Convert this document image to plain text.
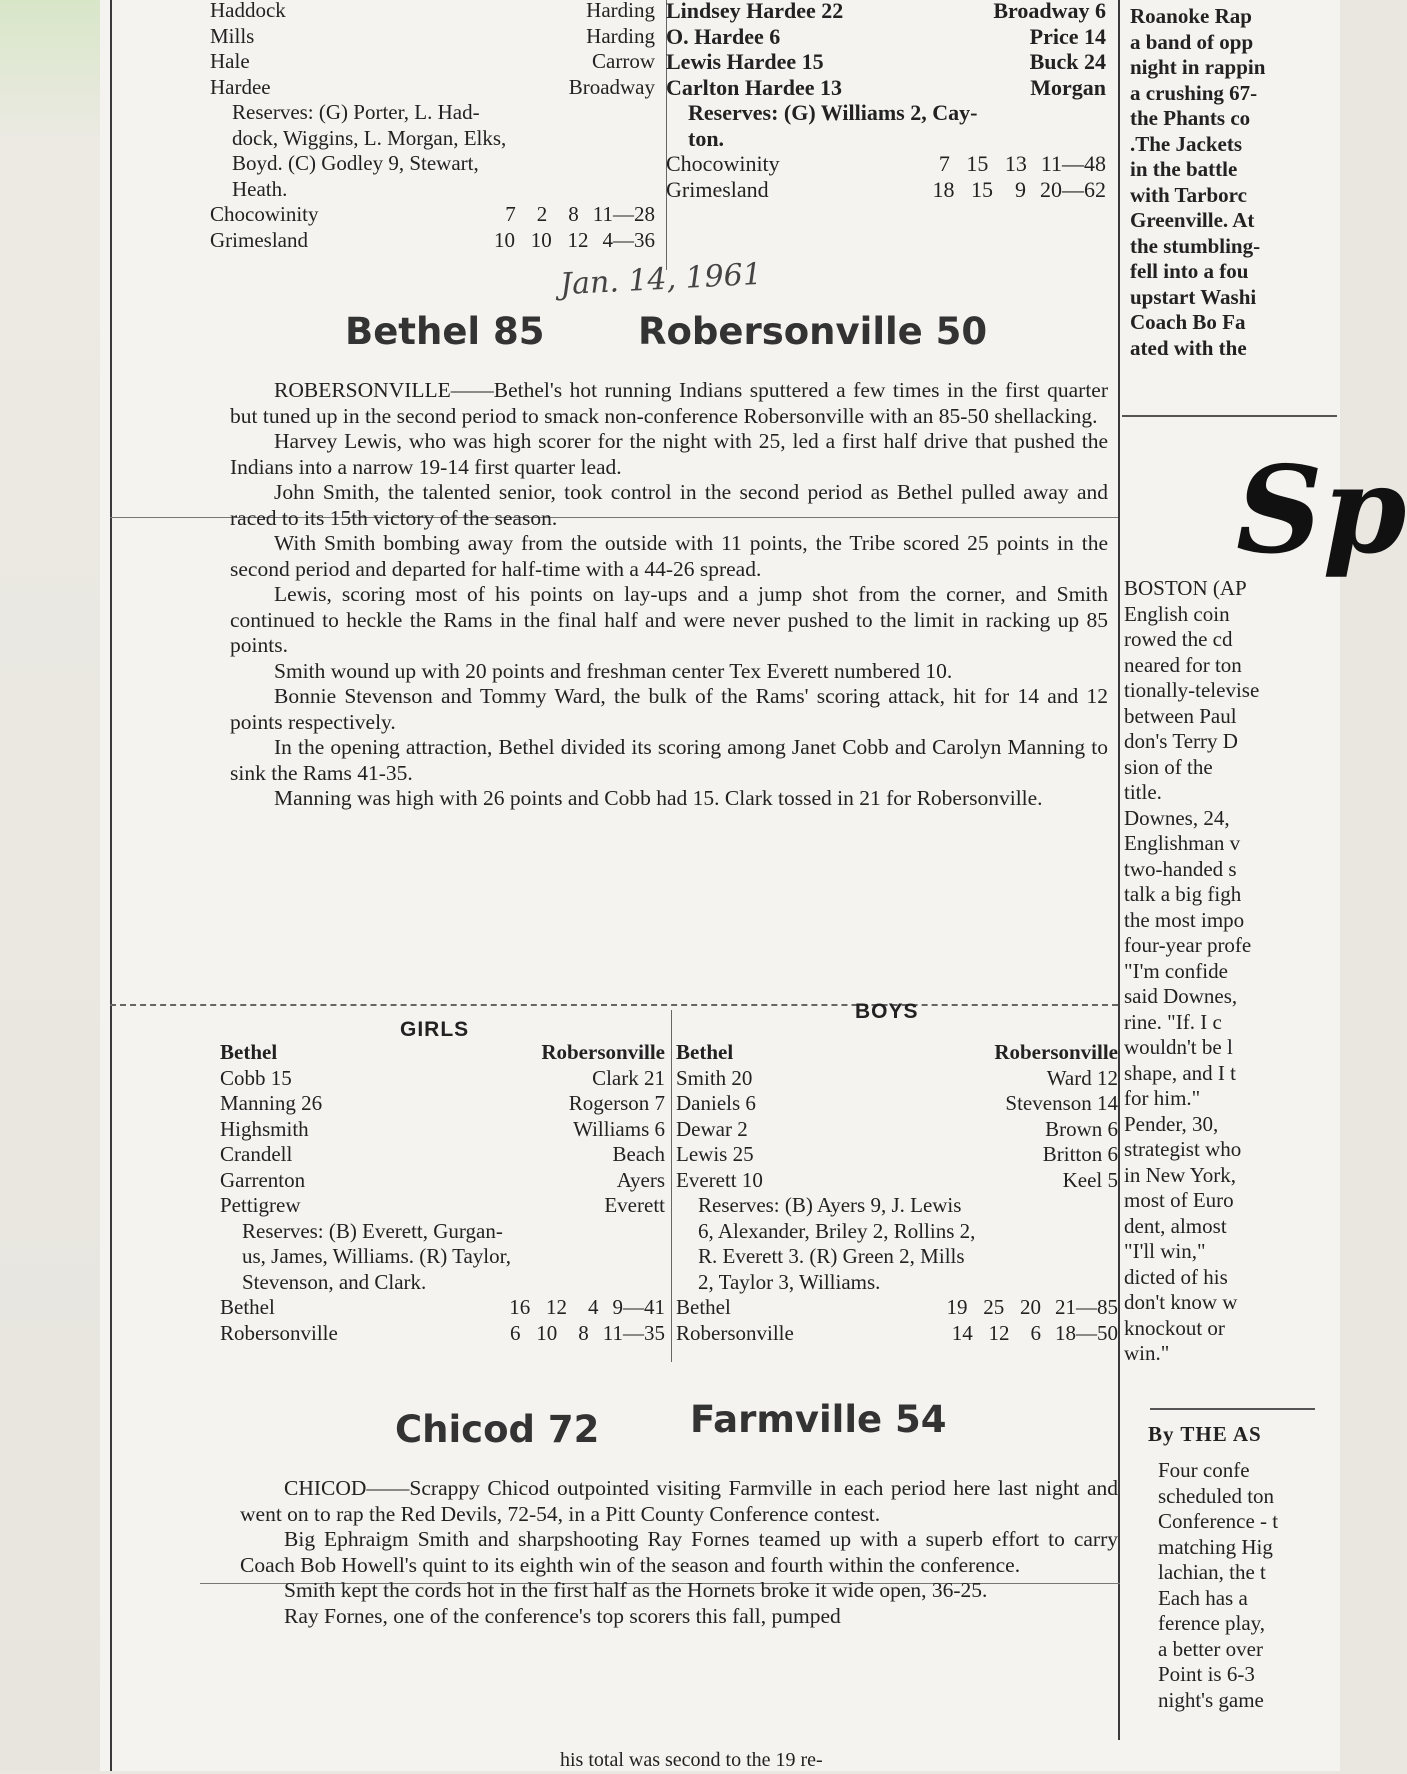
Haddock	Harding
Mills	Harding
Hale	Carrow
Hardee	Broadway
Reserves: (G) Porter, L. Had-
dock, Wiggins, L. Morgan, Elks,
Boyd. (C) Godley 9, Stewart,
Heath.
Chocowinity	7    2    8 11—28
Grimesland	10   10   12 4—36
Lindsey Hardee 22	Broadway 6
O. Hardee 6	Price 14
Lewis Hardee 15	Buck 24
Carlton Hardee 13	Morgan
Reserves: (G) Williams 2, Cay-
ton.
Chocowinity	7   15   13 11—48
Grimesland	18   15    9 20—62
Jan. 14, 1961
Bethel 85	Robersonville 50

ROBERSONVILLE——Bethel's hot running Indians sputtered a few times in the first quarter but tuned up in the second period to smack non-conference Robersonville with an 85-50 shellacking.

Harvey Lewis, who was high scorer for the night with 25, led a first half drive that pushed the Indians into a narrow 19-14 first quarter lead.

John Smith, the talented senior, took control in the second period as Bethel pulled away and raced to its 15th victory of the season.

With Smith bombing away from the outside with 11 points, the Tribe scored 25 points in the second period and departed for half-time with a 44-26 spread.

Lewis, scoring most of his points on lay-ups and a jump shot from the corner, and Smith continued to heckle the Rams in the final half and were never pushed to the limit in racking up 85 points.

Smith wound up with 20 points and freshman center Tex Everett numbered 10.

Bonnie Stevenson and Tommy Ward, the bulk of the Rams' scoring attack, hit for 14 and 12 points respectively.

In the opening attraction, Bethel divided its scoring among Janet Cobb and Carolyn Manning to sink the Rams 41-35.

Manning was high with 26 points and Cobb had 15. Clark tossed in 21 for Robersonville.

GIRLS
BOYS
Bethel	Robersonville
Cobb 15	Clark 21
Manning 26	Rogerson 7
Highsmith	Williams 6
Crandell	Beach
Garrenton	Ayers
Pettigrew	Everett
Reserves: (B) Everett, Gurgan-
us, James, Williams. (R) Taylor,
Stevenson, and Clark.
Bethel	16   12    4 9—41
Robersonville	6   10    8 11—35
Bethel	Robersonville
Smith 20	Ward 12
Daniels 6	Stevenson 14
Dewar 2	Brown 6
Lewis 25	Britton 6
Everett 10	Keel 5
Reserves: (B) Ayers 9, J. Lewis
6, Alexander, Briley 2, Rollins 2,
R. Everett 3. (R) Green 2, Mills
2, Taylor 3, Williams.
Bethel	19   25   20 21—85
Robersonville	14   12    6 18—50
Chicod 72 Farmville 54

CHICOD——Scrappy Chicod outpointed visiting Farmville in each period here last night and went on to rap the Red Devils, 72-54, in a Pitt County Conference contest.

Big Ephraigm Smith and sharpshooting Ray Fornes teamed up with a superb effort to carry Coach Bob Howell's quint to its eighth win of the season and fourth within the conference.

Smith kept the cords hot in the first half as the Hornets broke it wide open, 36-25.

Ray Fornes, one of the conference's top scorers this fall, pumped

his total was second to the 19 re-
Roanoke Rap
a band of opp
night in rappin
a crushing 67-
the Phants co
.The Jackets
in the battle
with Tarborc
Greenville. At
the stumbling-
fell into a fou
upstart Washi
Coach Bo Fa
ated with the
Sp
BOSTON (AP
English coin
rowed the cd
neared for ton
tionally-televise
between Paul
don's Terry D
sion of the
title.
Downes, 24,
Englishman v
two-handed s
talk a big figh
the most impo
four-year profe
"I'm confide
said Downes,
rine. "If. I c
wouldn't be l
shape, and I t
for him."
Pender, 30,
strategist who
in New York,
most of Euro
dent, almost
"I'll win,"
dicted of his
don't know w
knockout or
win."
By THE AS
Four confe
scheduled ton
Conference - t
matching Hig
lachian, the t
Each has a
ference play,
a better over
Point is 6-3
night's game
